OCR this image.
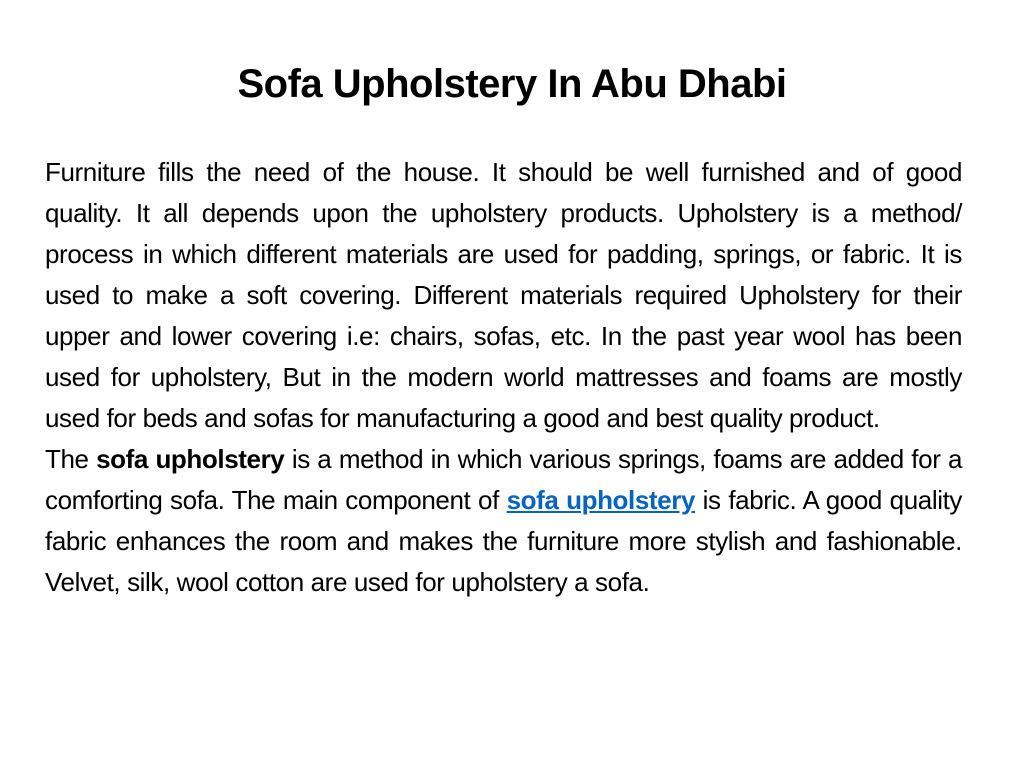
Sofa Upholstery In Abu Dhabi

Furniture fills the need of the house. It should be well furnished and of good quality. It all depends upon the upholstery products. Upholstery is a method/ process in which different materials are used for padding, springs, or fabric. It is used to make a soft covering. Different materials required Upholstery for their upper and lower covering i.e: chairs, sofas, etc. In the past year wool has been used for upholstery, But in the modern world mattresses and foams are mostly used for beds and sofas for manufacturing a good and best quality product.

The sofa upholstery is a method in which various springs, foams are added for a comforting sofa. The main component of sofa upholstery is fabric. A good quality fabric enhances the room and makes the furniture more stylish and fashionable. Velvet, silk, wool cotton are used for upholstery a sofa.
